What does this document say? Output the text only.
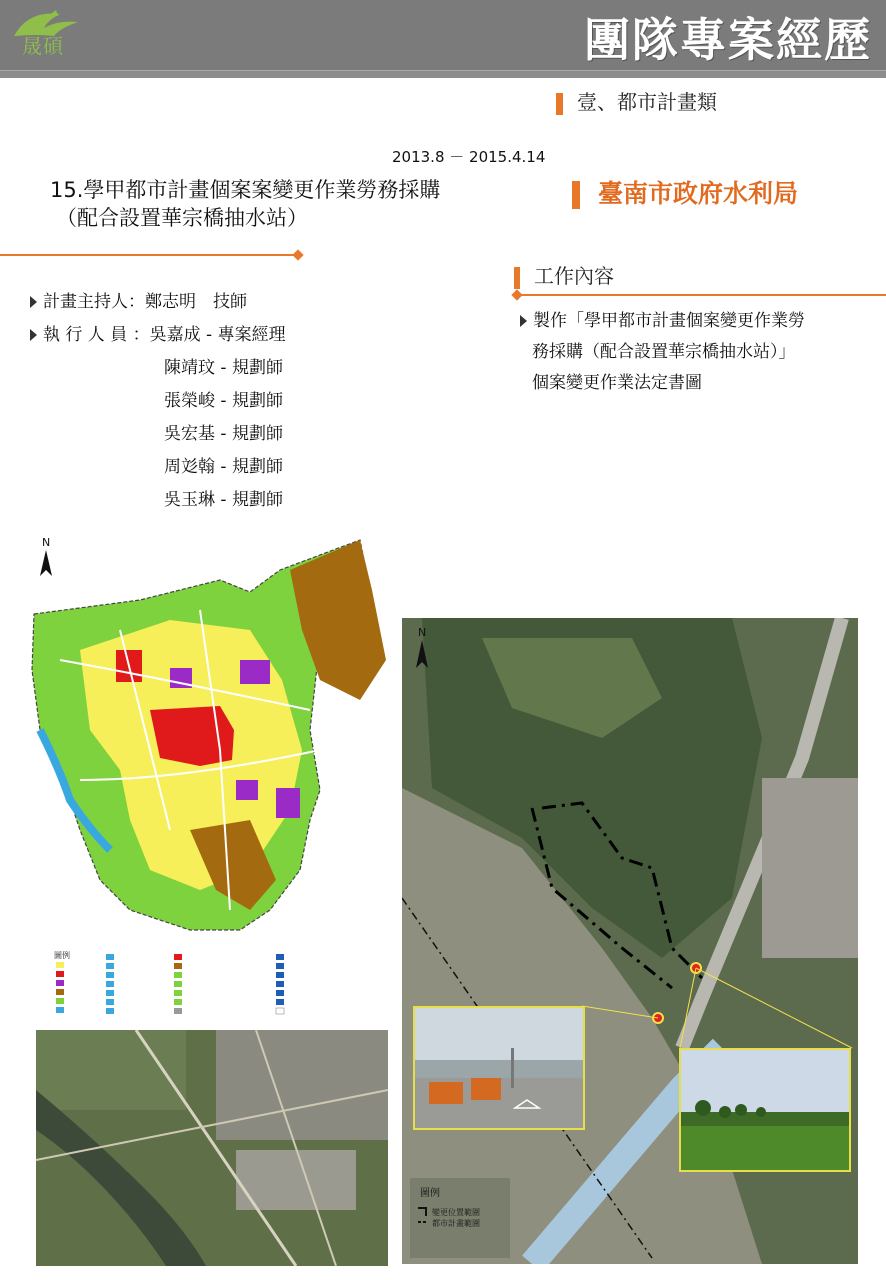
晟碩	團隊專案經歷
壹、都市計畫類
2013.8 － 2015.4.14
15.學甲都市計畫個案案變更作業勞務採購
（配合設置華宗橋抽水站）
臺南市政府水利局
工作內容
計畫主持人：鄭志明　技師
執 行 人 員 ：吳嘉成 - 專案經理
陳靖玟 - 規劃師
張榮峻 - 規劃師
吳宏基 - 規劃師
周彣翰 - 規劃師
吳玉琳 - 規劃師
製作「學甲都市計畫個案變更作業勞
務採購（配合設置華宗橋抽水站）」
個案變更作業法定書圖
N
圖例
N
圖例
變更位置範圍
都市計畫範圍
